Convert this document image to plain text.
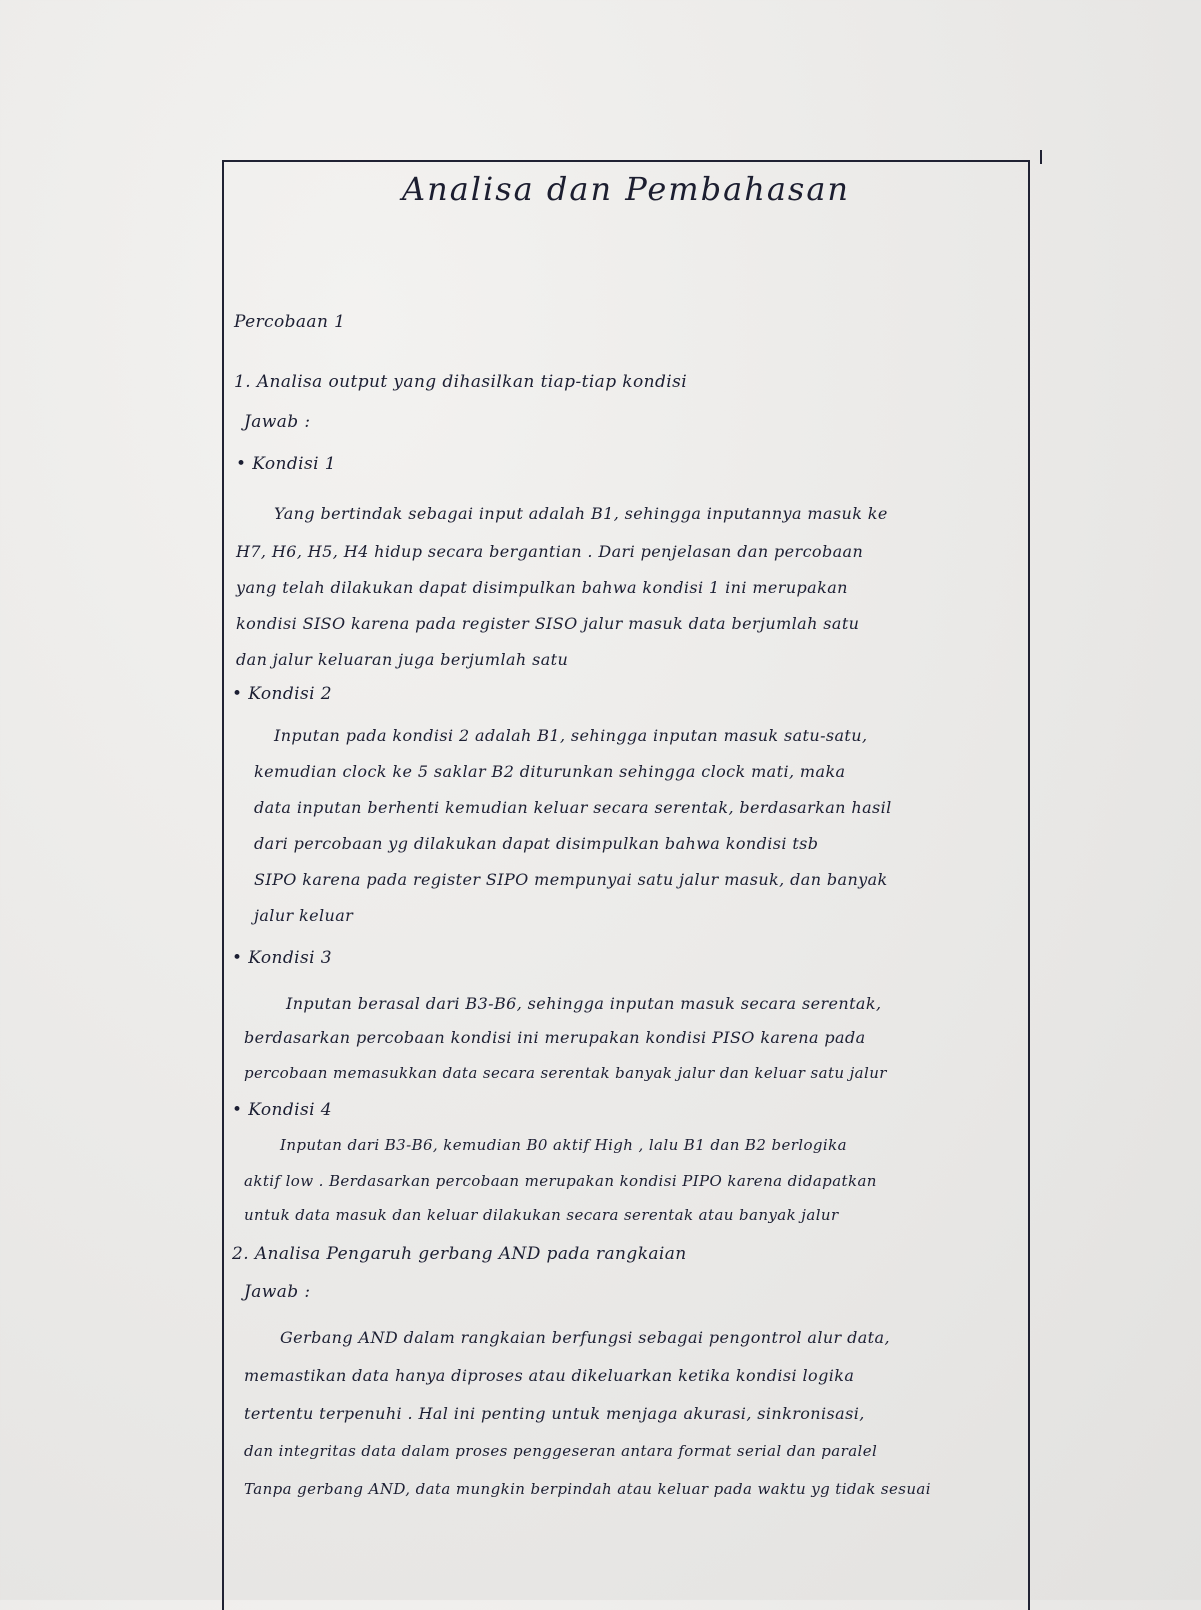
Analisa dan Pembahasan
Percobaan 1
1. Analisa output yang dihasilkan tiap-tiap kondisi
Jawab :
• Kondisi 1
Yang bertindak sebagai input adalah B1, sehingga inputannya masuk ke
H7, H6, H5, H4 hidup secara bergantian . Dari penjelasan dan percobaan
yang telah dilakukan dapat disimpulkan bahwa kondisi 1 ini merupakan
kondisi SISO karena pada register SISO jalur masuk data berjumlah satu
dan jalur keluaran juga berjumlah satu
• Kondisi 2
Inputan pada kondisi 2 adalah B1, sehingga inputan masuk satu-satu,
kemudian clock ke 5 saklar B2 diturunkan sehingga clock mati, maka
data inputan berhenti kemudian keluar secara serentak, berdasarkan hasil
dari percobaan yg dilakukan dapat disimpulkan bahwa kondisi tsb
SIPO karena pada register SIPO mempunyai satu jalur masuk, dan banyak
jalur keluar
• Kondisi 3
Inputan berasal dari B3-B6, sehingga inputan masuk secara serentak,
berdasarkan percobaan kondisi ini merupakan kondisi PISO karena pada
percobaan memasukkan data secara serentak banyak jalur dan keluar satu jalur
• Kondisi 4
Inputan dari B3-B6, kemudian B0 aktif High , lalu B1 dan B2 berlogika
aktif low . Berdasarkan percobaan merupakan kondisi PIPO karena didapatkan
untuk data masuk dan keluar dilakukan secara serentak atau banyak jalur
2. Analisa Pengaruh gerbang AND pada rangkaian
Jawab :
Gerbang AND dalam rangkaian berfungsi sebagai pengontrol alur data,
memastikan data hanya diproses atau dikeluarkan ketika kondisi logika
tertentu terpenuhi . Hal ini penting untuk menjaga akurasi, sinkronisasi,
dan integritas data dalam proses penggeseran antara format serial dan paralel
Tanpa gerbang AND, data mungkin berpindah atau keluar pada waktu yg tidak sesuai
